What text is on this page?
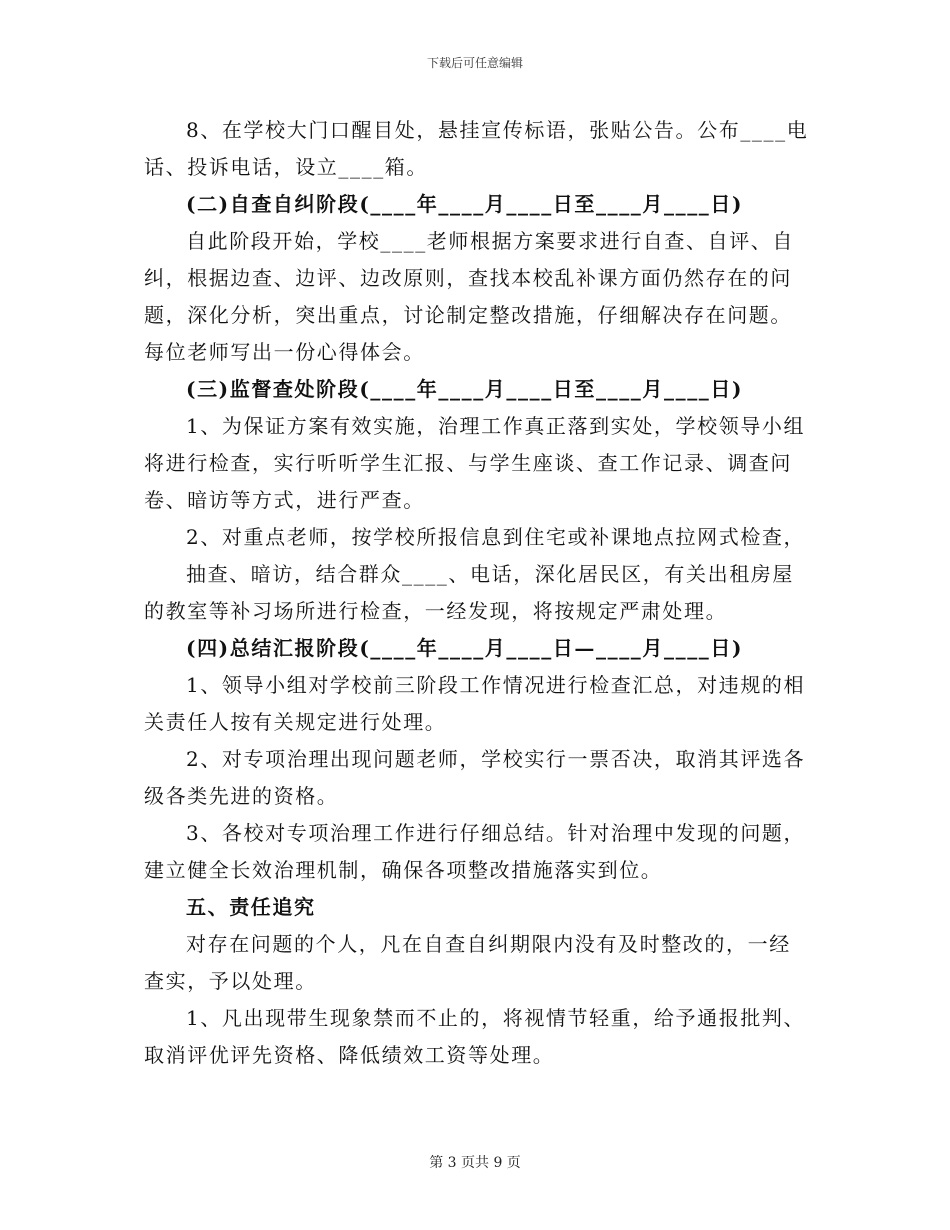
下载后可任意编辑
8、在学校大门口醒目处，悬挂宣传标语，张贴公告。公布____电
话、投诉电话，设立____箱。
(二)自查自纠阶段(____年____月____日至____月____日)
自此阶段开始，学校____老师根据方案要求进行自查、自评、自
纠，根据边查、边评、边改原则，查找本校乱补课方面仍然存在的问
题，深化分析，突出重点，讨论制定整改措施，仔细解决存在问题。
每位老师写出一份心得体会。
(三)监督查处阶段(____年____月____日至____月____日)
1、为保证方案有效实施，治理工作真正落到实处，学校领导小组
将进行检查，实行听听学生汇报、与学生座谈、查工作记录、调查问
卷、暗访等方式，进行严查。
2、对重点老师，按学校所报信息到住宅或补课地点拉网式检查，
抽查、暗访，结合群众____、电话，深化居民区，有关出租房屋
的教室等补习场所进行检查，一经发现，将按规定严肃处理。
(四)总结汇报阶段(____年____月____日—____月____日)
1、领导小组对学校前三阶段工作情况进行检查汇总，对违规的相
关责任人按有关规定进行处理。
2、对专项治理出现问题老师，学校实行一票否决，取消其评选各
级各类先进的资格。
3、各校对专项治理工作进行仔细总结。针对治理中发现的问题，
建立健全长效治理机制，确保各项整改措施落实到位。
五、责任追究
对存在问题的个人，凡在自查自纠期限内没有及时整改的，一经
查实，予以处理。
1、凡出现带生现象禁而不止的，将视情节轻重，给予通报批判、
取消评优评先资格、降低绩效工资等处理。
第 3 页共 9 页
